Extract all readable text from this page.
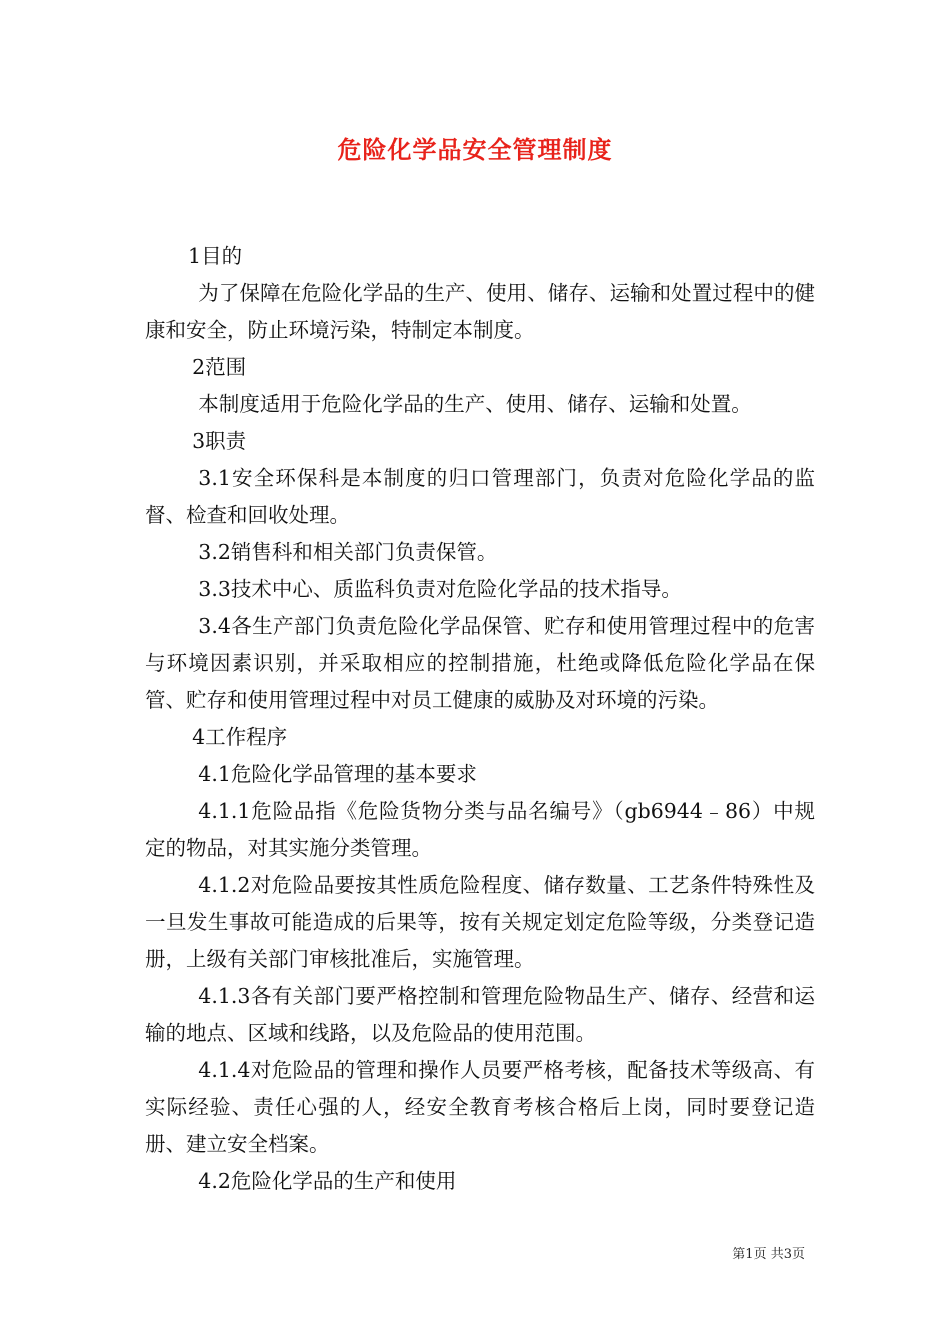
危险化学品安全管理制度

1目的

为了保障在危险化学品的生产、使用、储存、运输和处置过程中的健康和安全，防止环境污染，特制定本制度。

2范围

本制度适用于危险化学品的生产、使用、储存、运输和处置。

3职责

3.1安全环保科是本制度的归口管理部门，负责对危险化学品的监督、检查和回收处理。

3.2销售科和相关部门负责保管。

3.3技术中心、质监科负责对危险化学品的技术指导。

3.4各生产部门负责危险化学品保管、贮存和使用管理过程中的危害与环境因素识别，并采取相应的控制措施，杜绝或降低危险化学品在保管、贮存和使用管理过程中对员工健康的威胁及对环境的污染。

4工作程序

4.1危险化学品管理的基本要求

4.1.1危险品指《危险货物分类与品名编号》（gb6944﹣86）中规定的物品，对其实施分类管理。

4.1.2对危险品要按其性质危险程度、储存数量、工艺条件特殊性及一旦发生事故可能造成的后果等，按有关规定划定危险等级，分类登记造册，上级有关部门审核批准后，实施管理。

4.1.3各有关部门要严格控制和管理危险物品生产、储存、经营和运输的地点、区域和线路，以及危险品的使用范围。

4.1.4对危险品的管理和操作人员要严格考核，配备技术等级高、有实际经验、责任心强的人，经安全教育考核合格后上岗，同时要登记造册、建立安全档案。

4.2危险化学品的生产和使用

第1页 共3页
